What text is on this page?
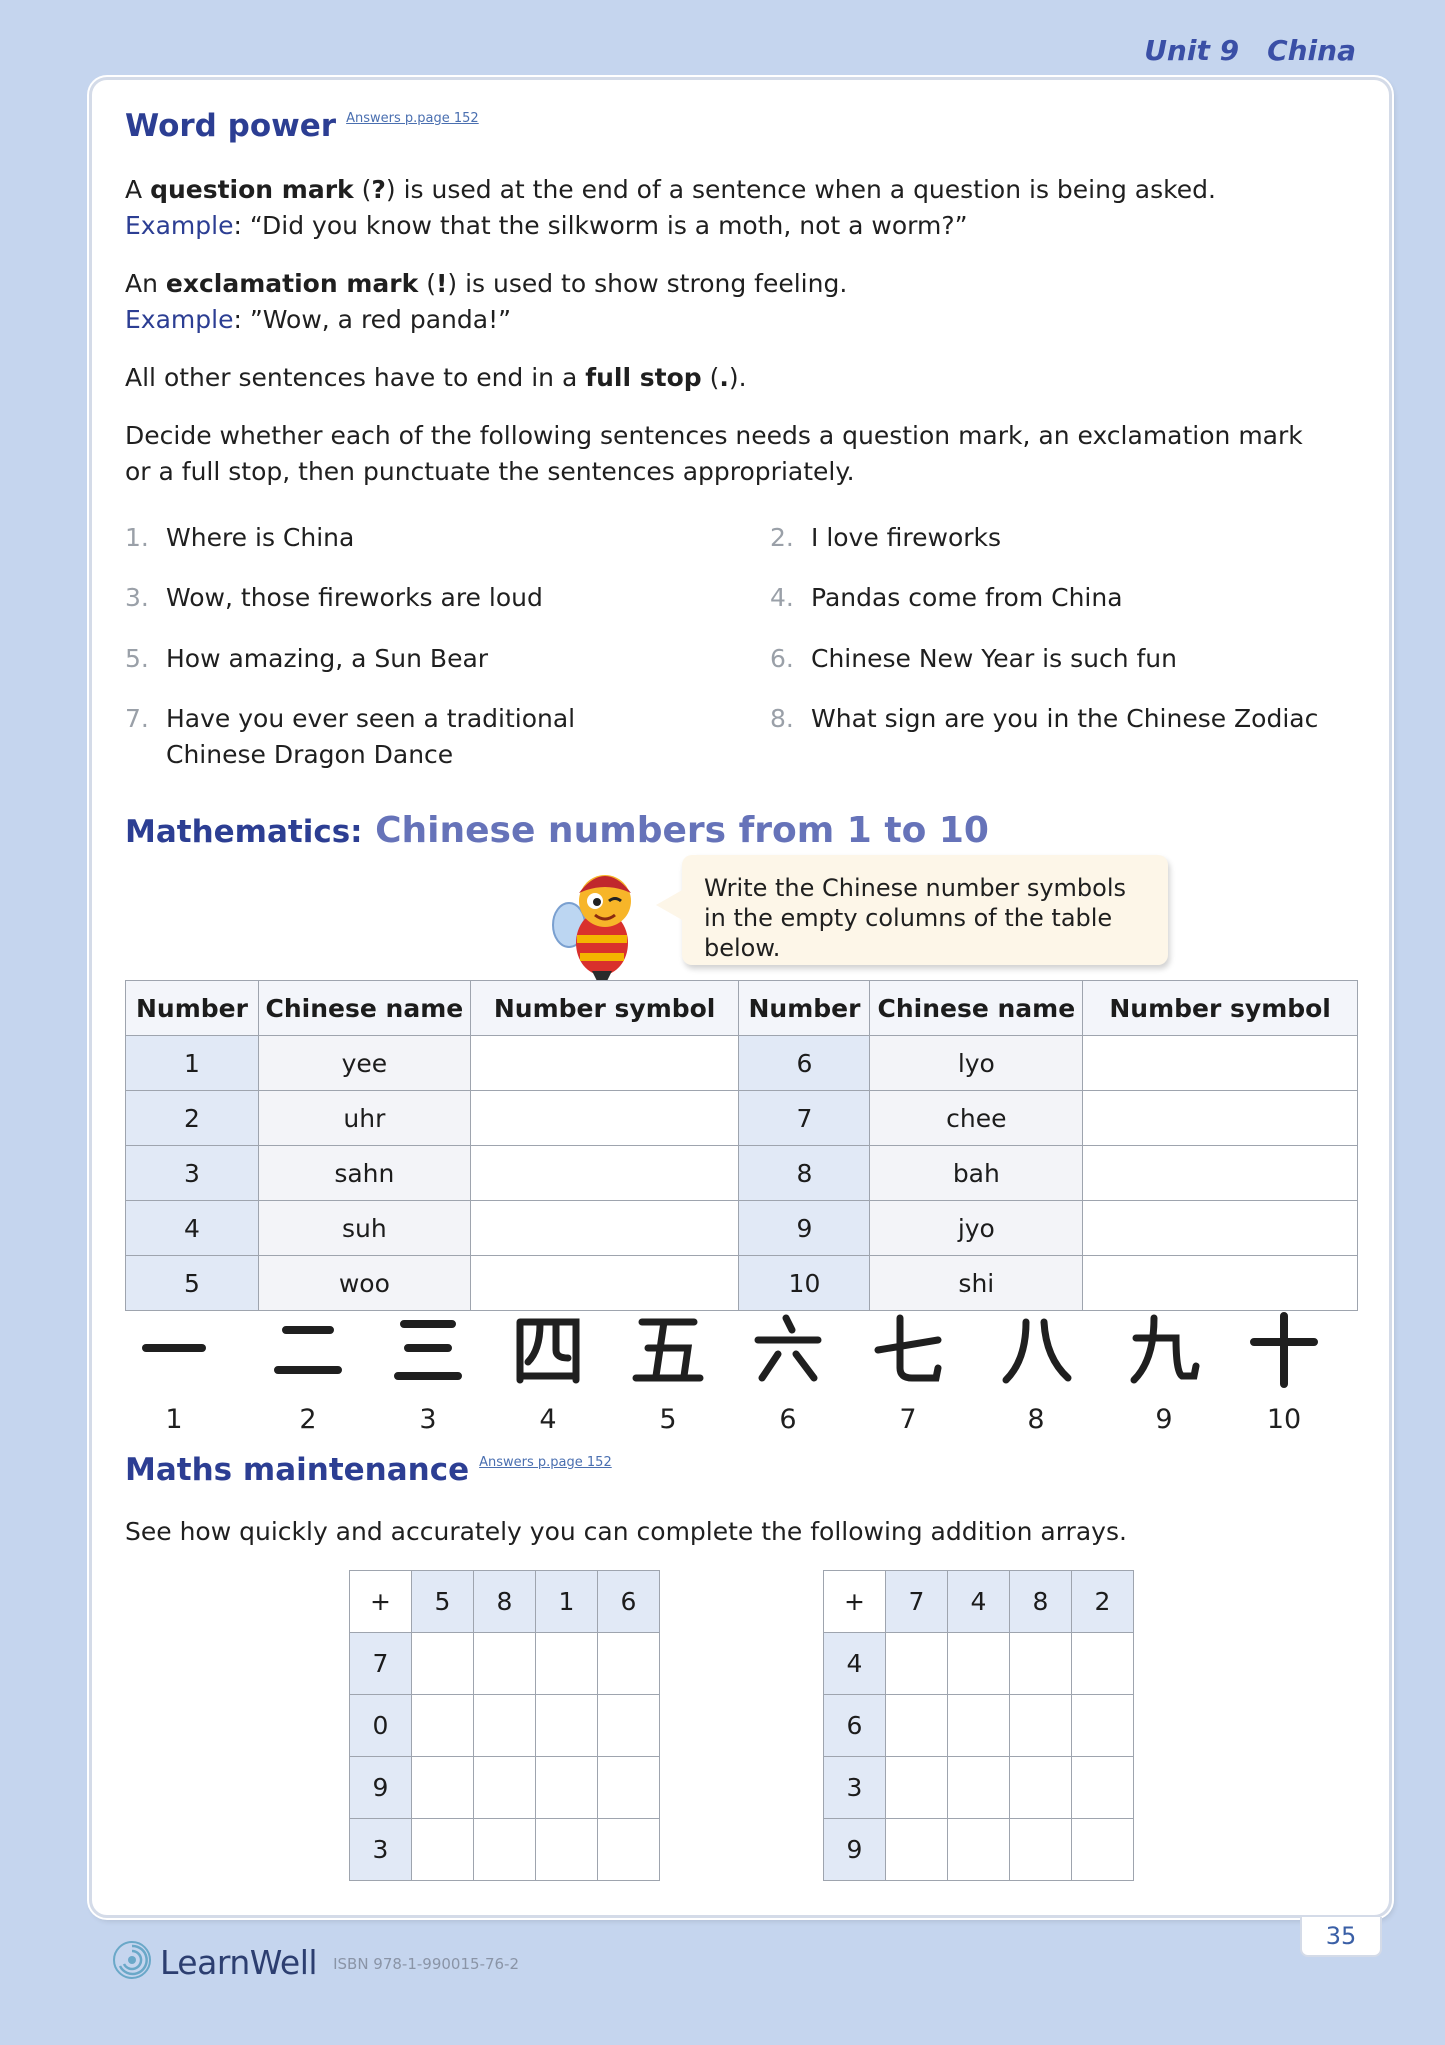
Unit 9 China
Word power Answers p.page 152
A question mark (?) is used at the end of a sentence when a question is being asked.
Example: “Did you know that the silkworm is a moth, not a worm?”
An exclamation mark (!) is used to show strong feeling.
Example: ”Wow, a red panda!”
All other sentences have to end in a full stop (.).
Decide whether each of the following sentences needs a question mark, an exclamation mark or a full stop, then punctuate the sentences appropriately.
1. Where is China	2. I love fireworks
3. Wow, those fireworks are loud	4. Pandas come from China
5. How amazing, a Sun Bear	6. Chinese New Year is such fun
7. Have you ever seen a traditional Chinese Dragon Dance
8. What sign are you in the Chinese Zodiac
Mathematics: Chinese numbers from 1 to 10
Write the Chinese number symbols in the empty columns of the table below.
Number	Chinese name	Number symbol	Number	Chinese name	Number symbol
1	yee		6	lyo	
2	uhr		7	chee	
3	sahn		8	bah	
4	suh		9	jyo	
5	woo		10	shi	
1	2	3	4	5	6	7	8	9	10
Maths maintenance Answers p.page 152
See how quickly and accurately you can complete the following addition arrays.
+	5	8	1	6
7				
0				
9				
3				
+	7	4	8	2
4				
6				
3				
9				
35
LearnWell ISBN 978-1-990015-76-2
